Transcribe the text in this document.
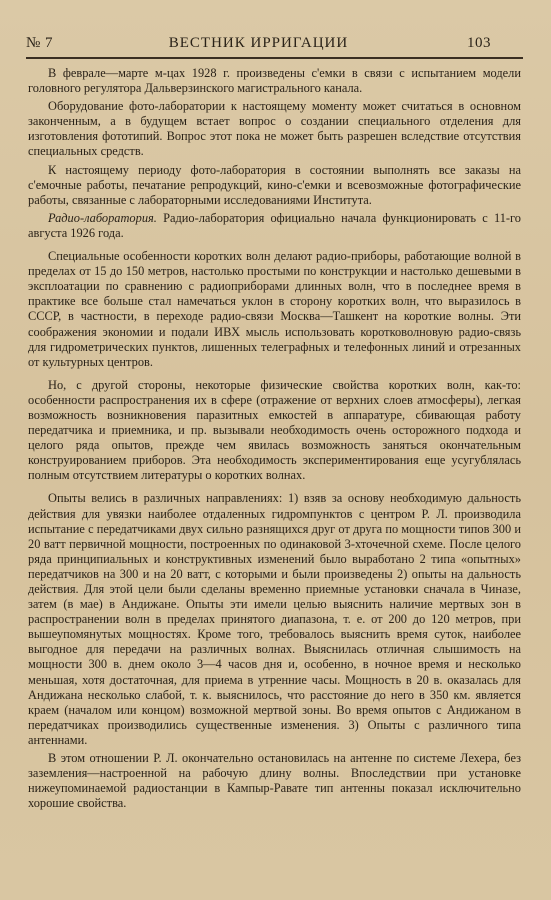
№ 7	ВЕСТНИК ИРРИГАЦИИ	103

В феврале—марте м-цах 1928 г. произведены с'емки в связи с испытанием модели головного регулятора Дальверзинского магистрального канала.

Оборудование фото-лаборатории к настоящему моменту может считаться в основном законченным, а в будущем встает вопрос о создании специального отделения для изготовления фототипий. Вопрос этот пока не может быть разрешен вследствие отсутствия специальных средств.

К настоящему периоду фото-лаборатория в состоянии выполнять все заказы на с'емочные работы, печатание репродукций, кино-с'емки и всевозможные фотографические работы, связанные с лабораторными исследованиями Института.

Радио-лаборатория. Радио-лаборатория официально начала функционировать с 11-го августа 1926 года.

Специальные особенности коротких волн делают радио-приборы, работающие волной в пределах от 15 до 150 метров, настолько простыми по конструкции и настолько дешевыми в эксплоатации по сравнению с радиоприборами длинных волн, что в последнее время в практике все больше стал намечаться уклон в сторону коротких волн, что выразилось в СССР, в частности, в переходе радио-связи Москва—Ташкент на короткие волны. Эти соображения экономии и подали ИВХ мысль использовать коротковолновую радио-связь для гидрометрических пунктов, лишенных телеграфных и телефонных линий и отрезанных от культурных центров.

Но, с другой стороны, некоторые физические свойства коротких волн, как-то: особенности распространения их в сфере (отражение от верхних слоев атмосферы), легкая возможность возникновения паразитных емкостей в аппаратуре, сбивающая работу передатчика и приемника, и пр. вызывали необходимость очень осторожного подхода и целого ряда опытов, прежде чем явилась возможность заняться окончательным конструированием приборов. Эта необходимость экспериментирования еще усугублялась полным отсутствием литературы о коротких волнах.

Опыты велись в различных направлениях: 1) взяв за основу необходимую дальность действия для увязки наиболее отдаленных гидромпунктов с центром Р. Л. производила испытание с передатчиками двух сильно разнящихся друг от друга по мощности типов 300 и 20 ватт первичной мощности, построенных по одинаковой 3-хточечной схеме. После целого ряда принципиальных и конструктивных изменений было выработано 2 типа «опытных» передатчиков на 300 и на 20 ватт, с которыми и были произведены 2) опыты на дальность действия. Для этой цели были сделаны временно приемные установки сначала в Чиназе, затем (в мае) в Андижане. Опыты эти имели целью выяснить наличие мертвых зон в распространении волн в пределах принятого диапазона, т. е. от 200 до 120 метров, при вышеупомянутых мощностях. Кроме того, требовалось выяснить время суток, наиболее выгодное для передачи на различных волнах. Выяснилась отличная слышимость на мощности 300 в. днем около 3—4 часов дня и, особенно, в ночное время и несколько меньшая, хотя достаточная, для приема в утренние часы. Мощность в 20 в. оказалась для Андижана несколько слабой, т. к. выяснилось, что расстояние до него в 350 км. является краем (началом или концом) возможной мертвой зоны. Во время опытов с Андижаном в передатчиках производились существенные изменения. 3) Опыты с различного типа антеннами.

В этом отношении Р. Л. окончательно остановилась на антенне по системе Лехера, без заземления—настроенной на рабочую длину волны. Впоследствии при установке нижеупоминаемой радиостанции в Кампыр-Равате тип антенны показал исключительно хорошие свойства.
